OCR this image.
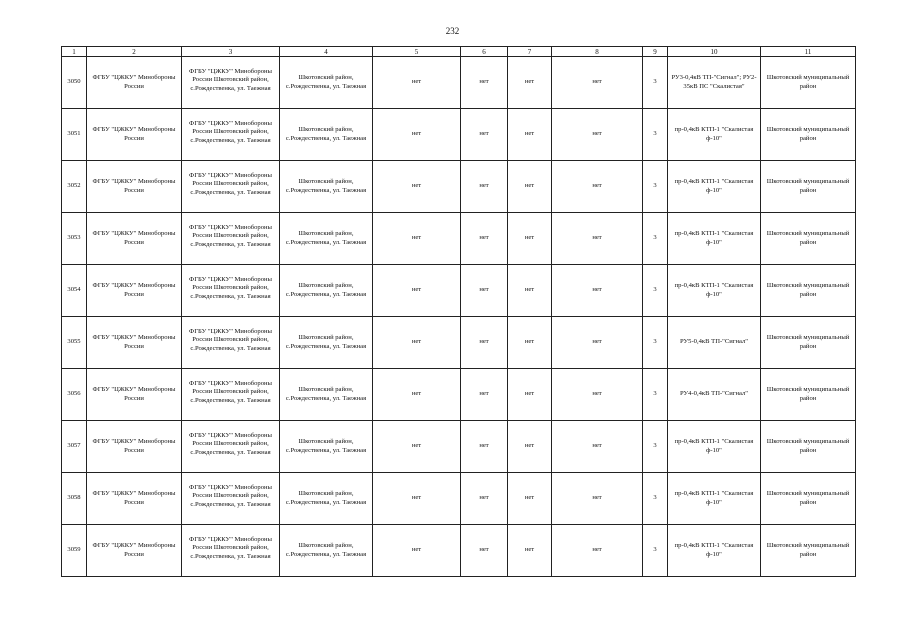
232
1	2	3	4	5	6	7	8	9	10	11
3050	ФГБУ "ЦЖКУ" Минобороны России	ФГБУ "ЦЖКУ" Минобороны России Шкотовский район, с.Рождественка, ул. Таежная	Шкотовский район, с.Рождественка, ул. Таежная	нет	нет	нет	нет	3	РУ3-0,4кВ ТП-"Сигнал"; РУ2-35кВ ПС "Скалистая"	Шкотовский муниципальный район
3051	ФГБУ "ЦЖКУ" Минобороны России	ФГБУ "ЦЖКУ" Минобороны России Шкотовский район, с.Рождественка, ул. Таежная	Шкотовский район, с.Рождественка, ул. Таежная	нет	нет	нет	нет	3	пр-0,4кВ КТП-1 "Скалистая ф-10"	Шкотовский муниципальный район
3052	ФГБУ "ЦЖКУ" Минобороны России	ФГБУ "ЦЖКУ" Минобороны России Шкотовский район, с.Рождественка, ул. Таежная	Шкотовский район, с.Рождественка, ул. Таежная	нет	нет	нет	нет	3	пр-0,4кВ КТП-1 "Скалистая ф-10"	Шкотовский муниципальный район
3053	ФГБУ "ЦЖКУ" Минобороны России	ФГБУ "ЦЖКУ" Минобороны России Шкотовский район, с.Рождественка, ул. Таежная	Шкотовский район, с.Рождественка, ул. Таежная	нет	нет	нет	нет	3	пр-0,4кВ КТП-1 "Скалистая ф-10"	Шкотовский муниципальный район
3054	ФГБУ "ЦЖКУ" Минобороны России	ФГБУ "ЦЖКУ" Минобороны России Шкотовский район, с.Рождественка, ул. Таежная	Шкотовский район, с.Рождественка, ул. Таежная	нет	нет	нет	нет	3	пр-0,4кВ КТП-1 "Скалистая ф-10"	Шкотовский муниципальный район
3055	ФГБУ "ЦЖКУ" Минобороны России	ФГБУ "ЦЖКУ" Минобороны России Шкотовский район, с.Рождественка, ул. Таежная	Шкотовский район, с.Рождественка, ул. Таежная	нет	нет	нет	нет	3	РУ5-0,4кВ ТП-"Сигнал"	Шкотовский муниципальный район
3056	ФГБУ "ЦЖКУ" Минобороны России	ФГБУ "ЦЖКУ" Минобороны России Шкотовский район, с.Рождественка, ул. Таежная	Шкотовский район, с.Рождественка, ул. Таежная	нет	нет	нет	нет	3	РУ4-0,4кВ ТП-"Сигнал"	Шкотовский муниципальный район
3057	ФГБУ "ЦЖКУ" Минобороны России	ФГБУ "ЦЖКУ" Минобороны России Шкотовский район, с.Рождественка, ул. Таежная	Шкотовский район, с.Рождественка, ул. Таежная	нет	нет	нет	нет	3	пр-0,4кВ КТП-1 "Скалистая ф-10"	Шкотовский муниципальный район
3058	ФГБУ "ЦЖКУ" Минобороны России	ФГБУ "ЦЖКУ" Минобороны России Шкотовский район, с.Рождественка, ул. Таежная	Шкотовский район, с.Рождественка, ул. Таежная	нет	нет	нет	нет	3	пр-0,4кВ КТП-1 "Скалистая ф-10"	Шкотовский муниципальный район
3059	ФГБУ "ЦЖКУ" Минобороны России	ФГБУ "ЦЖКУ" Минобороны России Шкотовский район, с.Рождественка, ул. Таежная	Шкотовский район, с.Рождественка, ул. Таежная	нет	нет	нет	нет	3	пр-0,4кВ КТП-1 "Скалистая ф-10"	Шкотовский муниципальный район
